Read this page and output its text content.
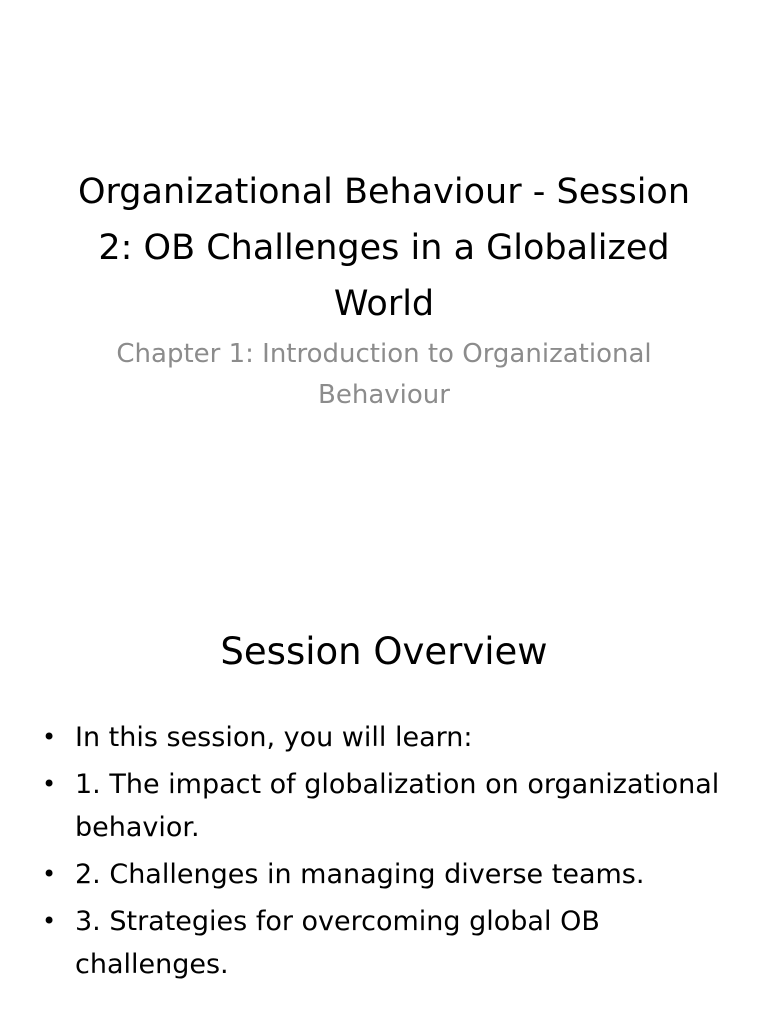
Organizational Behaviour - Session 2: OB Challenges in a Globalized World
Chapter 1: Introduction to Organizational Behaviour
Session Overview
• In this session, you will learn:
• 1. The impact of globalization on organizational behavior.
• 2. Challenges in managing diverse teams.
• 3. Strategies for overcoming global OB challenges.
